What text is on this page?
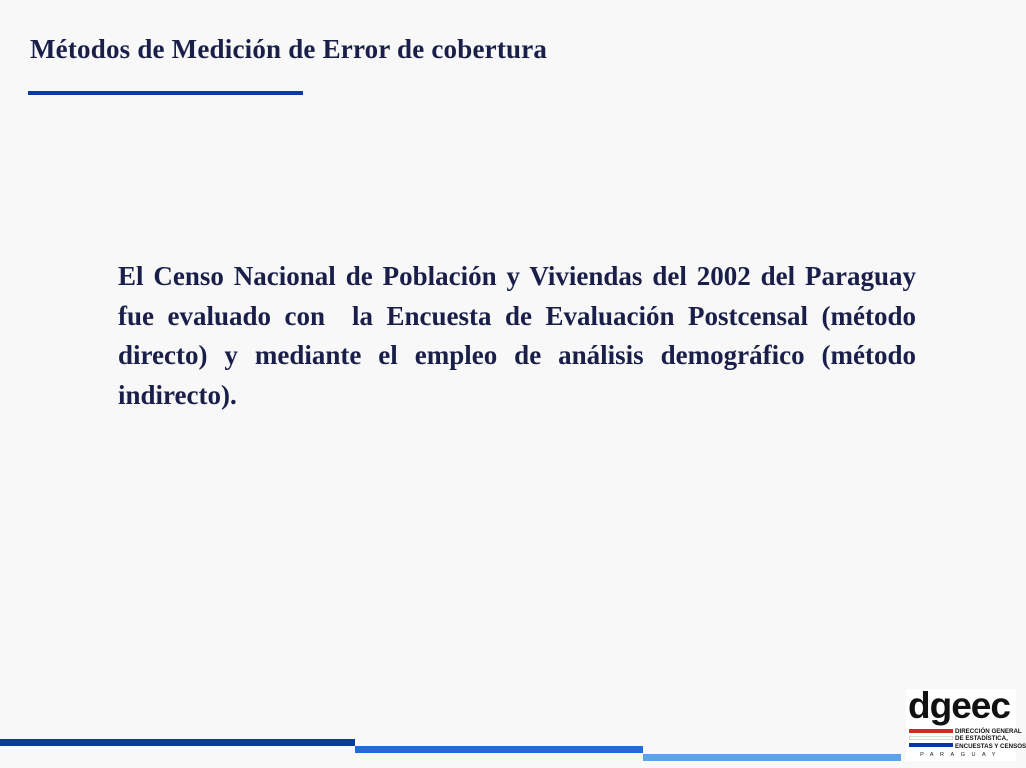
Métodos de Medición de Error de cobertura

El Censo Nacional de Población y Viviendas del 2002 del Paraguay fue evaluado con  la Encuesta de Evaluación Postcensal (método directo) y mediante el empleo de análisis demográfico (método indirecto).

dgeec
DIRECCIÓN GENERAL
DE ESTADÍSTICA,
ENCUESTAS Y CENSOS
PARAGUAY
